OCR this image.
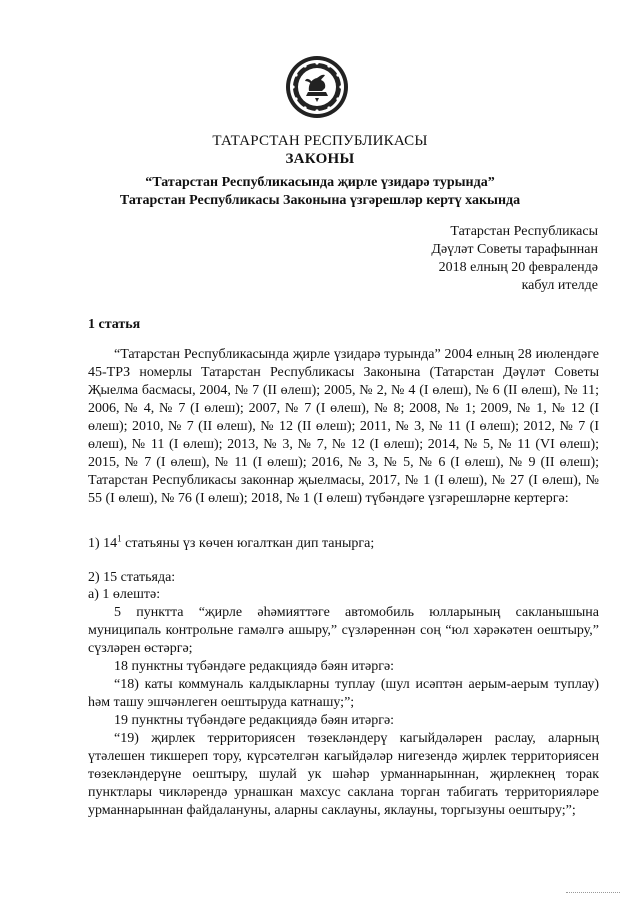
ТАТАРСТАН РЕСПУБЛИКАСЫ
ЗАКОНЫ
“Татарстан Республикасында җирле үзидарә турында”
Татарстан Республикасы Законына үзгәрешләр кертү хакында
Татарстан Республикасы
Дәүләт Советы тарафыннан
2018 елның 20 февралендә
кабул ителде
1 статья
“Татарстан Республикасында җирле үзидарә турында” 2004 елның 28 июлендәге 45-ТРЗ номерлы Татарстан Республикасы Законына (Татарстан Дәүләт Советы Җыелма басмасы, 2004, № 7 (II өлеш); 2005, № 2, № 4 (I өлеш), № 6 (II өлеш), № 11; 2006, № 4, № 7 (I өлеш); 2007, № 7 (I өлеш), № 8; 2008, № 1; 2009, № 1, № 12 (I өлеш); 2010, № 7 (II өлеш), № 12 (II өлеш); 2011, № 3, № 11 (I өлеш); 2012, № 7 (I өлеш), № 11 (I өлеш); 2013, № 3, № 7, № 12 (I өлеш); 2014, № 5, № 11 (VI өлеш); 2015, № 7 (I өлеш), № 11 (I өлеш); 2016, № 3, № 5, № 6 (I өлеш), № 9 (II өлеш); Татарстан Республикасы законнар җыелмасы, 2017, № 1 (I өлеш), № 27 (I өлеш), № 55 (I өлеш), № 76 (I өлеш); 2018, № 1 (I өлеш) түбәндәге үзгәрешләрне кертергә:
1) $14^1$ статьяны үз көчен югалткан дип танырга;
2) 15 статьяда:
а) 1 өлештә:
5 пунктта “җирле әһәмияттәге автомобиль юлларының сакланышына муниципаль контрольне гамәлгә ашыру,” сүзләреннән соң “юл хәрәкәтен оештыру,” сүзләрен өстәргә;
18 пунктны түбәндәге редакциядә бәян итәргә:
“18) каты коммуналь калдыкларны туплау (шул исәптән аерым-аерым туплау) һәм ташу эшчәнлеген оештыруда катнашу;”;
19 пунктны түбәндәге редакциядә бәян итәргә:
“19) җирлек территориясен төзекләндерү кагыйдәләрен раслау, аларның үтәлешен тикшереп тору, күрсәтелгән кагыйдәләр нигезендә җирлек территориясен төзекләндерүне оештыру, шулай ук шәһәр урманнарыннан, җирлекнең торак пунктлары чикләрендә урнашкан махсус саклана торган табигать территорияләре урманнарыннан файдалануны, аларны саклауны, яклауны, торгызуны оештыру;”;
